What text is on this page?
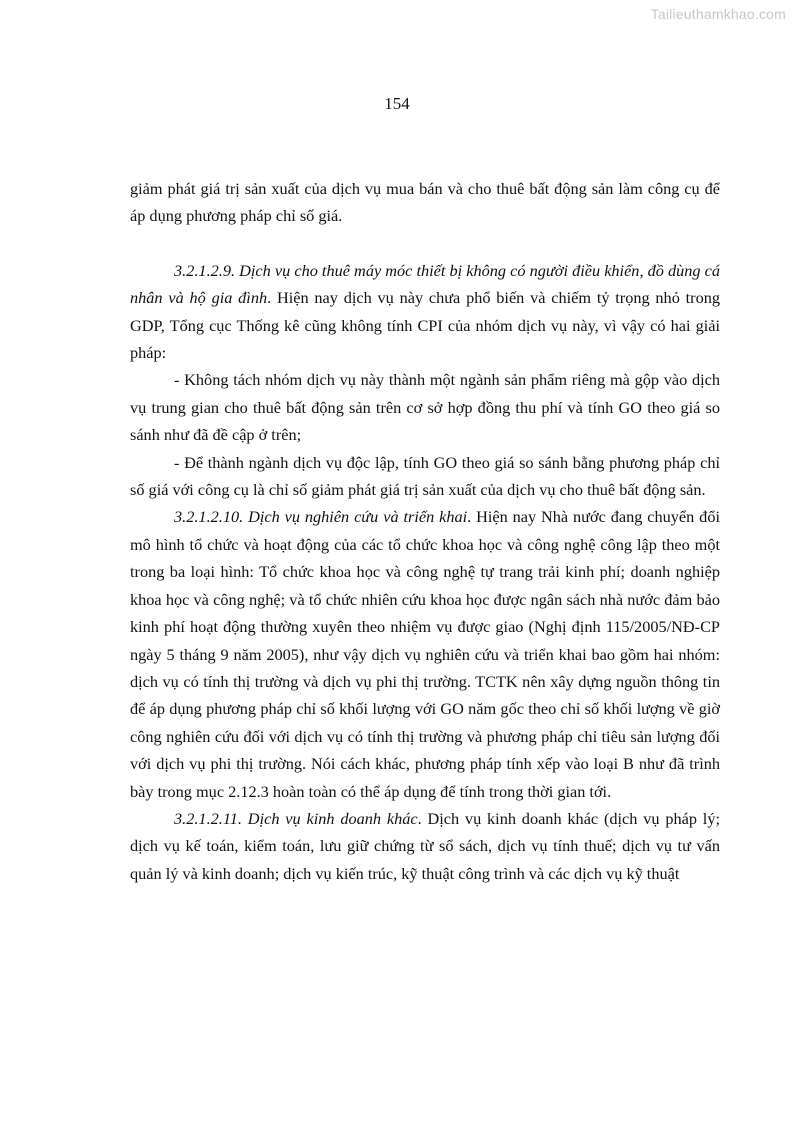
Tailieuthamkhao.com
154

giảm phát giá trị sản xuất của dịch vụ mua bán và cho thuê bất động sản làm công cụ để áp dụng phương pháp chỉ số giá.

3.2.1.2.9. Dịch vụ cho thuê máy móc thiết bị không có người điều khiển, đồ dùng cá nhân và hộ gia đình. Hiện nay dịch vụ này chưa phổ biến và chiếm tỷ trọng nhỏ trong GDP, Tổng cục Thống kê cũng không tính CPI của nhóm dịch vụ này, vì vậy có hai giải pháp:

- Không tách nhóm dịch vụ này thành một ngành sản phẩm riêng mà gộp vào dịch vụ trung gian cho thuê bất động sản trên cơ sở hợp đồng thu phí và tính GO theo giá so sánh như đã đề cập ở trên;

- Để thành ngành dịch vụ độc lập, tính GO theo giá so sánh bằng phương pháp chỉ số giá với công cụ là chỉ số giảm phát giá trị sản xuất của dịch vụ cho thuê bất động sản.

3.2.1.2.10. Dịch vụ nghiên cứu và triển khai. Hiện nay Nhà nước đang chuyển đổi mô hình tổ chức và hoạt động của các tổ chức khoa học và công nghệ công lập theo một trong ba loại hình: Tổ chức khoa học và công nghệ tự trang trải kinh phí; doanh nghiệp khoa học và công nghệ; và tổ chức nhiên cứu khoa học được ngân sách nhà nước đảm bảo kinh phí hoạt động thường xuyên theo nhiệm vụ được giao (Nghị định 115/2005/NĐ-CP ngày 5 tháng 9 năm 2005), như vậy dịch vụ nghiên cứu và triển khai bao gồm hai nhóm: dịch vụ có tính thị trường và dịch vụ phi thị trường. TCTK nên xây dựng nguồn thông tin để áp dụng phương pháp chỉ số khối lượng với GO năm gốc theo chỉ số khối lượng về giờ công nghiên cứu đối với dịch vụ có tính thị trường và phương pháp chỉ tiêu sản lượng đối với dịch vụ phi thị trường. Nói cách khác, phương pháp tính xếp vào loại B như đã trình bày trong mục 2.12.3 hoàn toàn có thể áp dụng để tính trong thời gian tới.

3.2.1.2.11. Dịch vụ kinh doanh khác. Dịch vụ kinh doanh khác (dịch vụ pháp lý; dịch vụ kế toán, kiểm toán, lưu giữ chứng từ sổ sách, dịch vụ tính thuế; dịch vụ tư vấn quản lý và kinh doanh; dịch vụ kiến trúc, kỹ thuật công trình và các dịch vụ kỹ thuật
